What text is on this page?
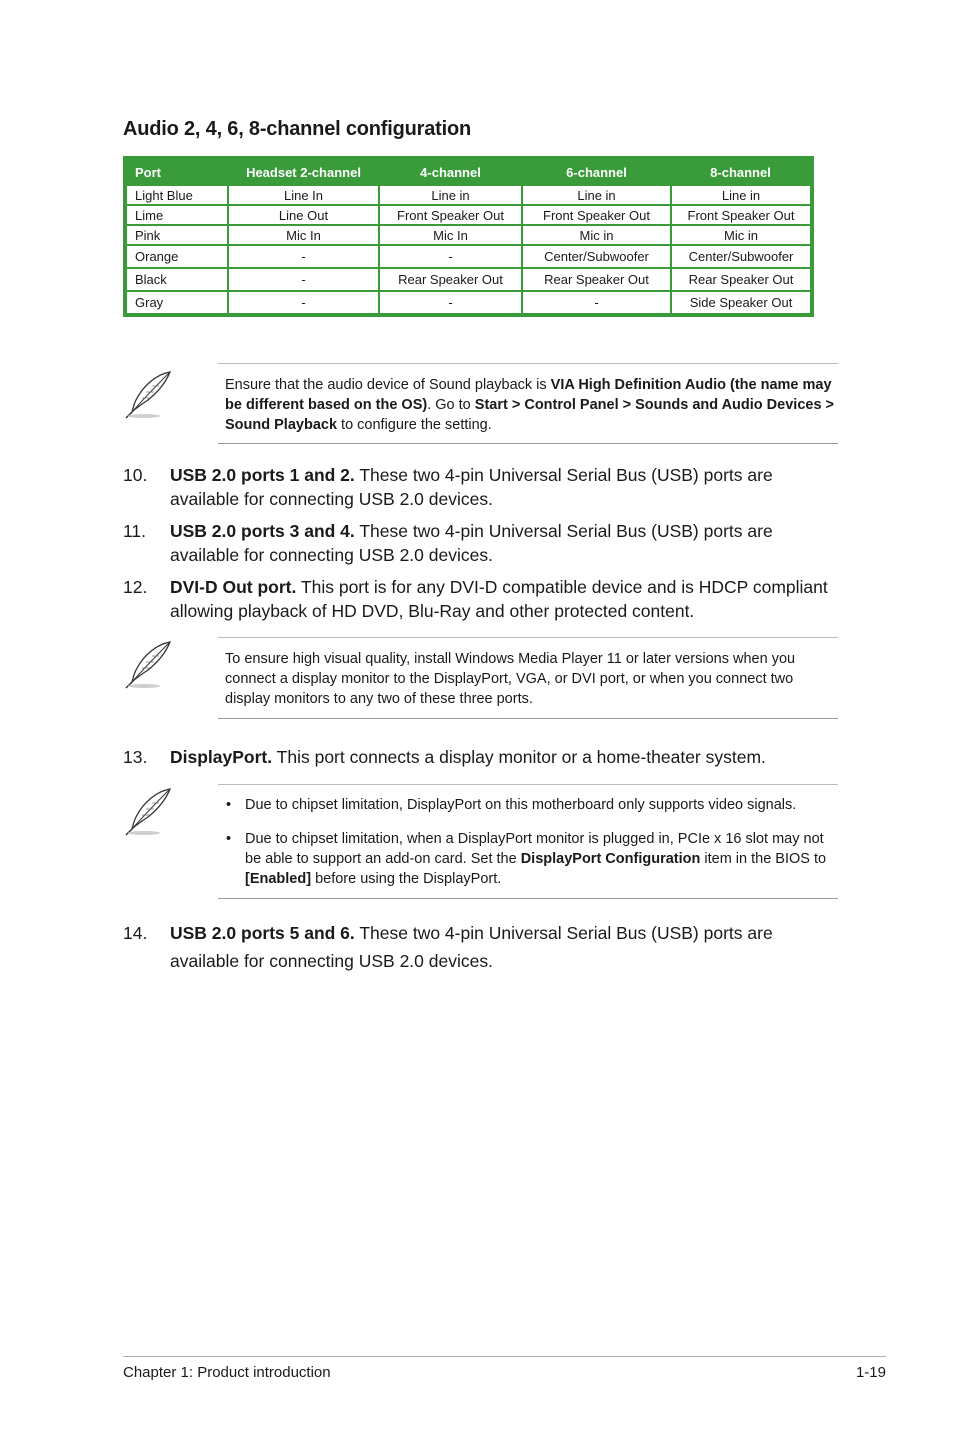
Audio 2, 4, 6, 8-channel configuration
Port	Headset 2-channel	4-channel	6-channel	8-channel
Light Blue	Line In	Line in	Line in	Line in
Lime	Line Out	Front Speaker Out	Front Speaker Out	Front Speaker Out
Pink	Mic In	Mic In	Mic in	Mic in
Orange	-	-	Center/Subwoofer	Center/Subwoofer
Black	-	Rear Speaker Out	Rear Speaker Out	Rear Speaker Out
Gray	-	-	-	Side Speaker Out
Ensure that the audio device of Sound playback is VIA High Definition Audio (the name may be different based on the OS). Go to Start > Control Panel > Sounds and Audio Devices > Sound Playback to configure the setting.
10. USB 2.0 ports 1 and 2. These two 4-pin Universal Serial Bus (USB) ports are available for connecting USB 2.0 devices.
11. USB 2.0 ports 3 and 4. These two 4-pin Universal Serial Bus (USB) ports are available for connecting USB 2.0 devices.
12. DVI-D Out port. This port is for any DVI-D compatible device and is HDCP compliant allowing playback of HD DVD, Blu-Ray and other protected content.
To ensure high visual quality, install Windows Media Player 11 or later versions when you connect a display monitor to the DisplayPort, VGA, or DVI port, or when you connect two display monitors to any two of these three ports.
13. DisplayPort. This port connects a display monitor or a home-theater system.
• Due to chipset limitation, DisplayPort on this motherboard only supports video signals.
• Due to chipset limitation, when a DisplayPort monitor is plugged in, PCIe x 16 slot may not be able to support an add-on card. Set the DisplayPort Configuration item in the BIOS to [Enabled] before using the DisplayPort.
14. USB 2.0 ports 5 and 6. These two 4-pin Universal Serial Bus (USB) ports are available for connecting USB 2.0 devices.
Chapter 1: Product introduction	1-19
